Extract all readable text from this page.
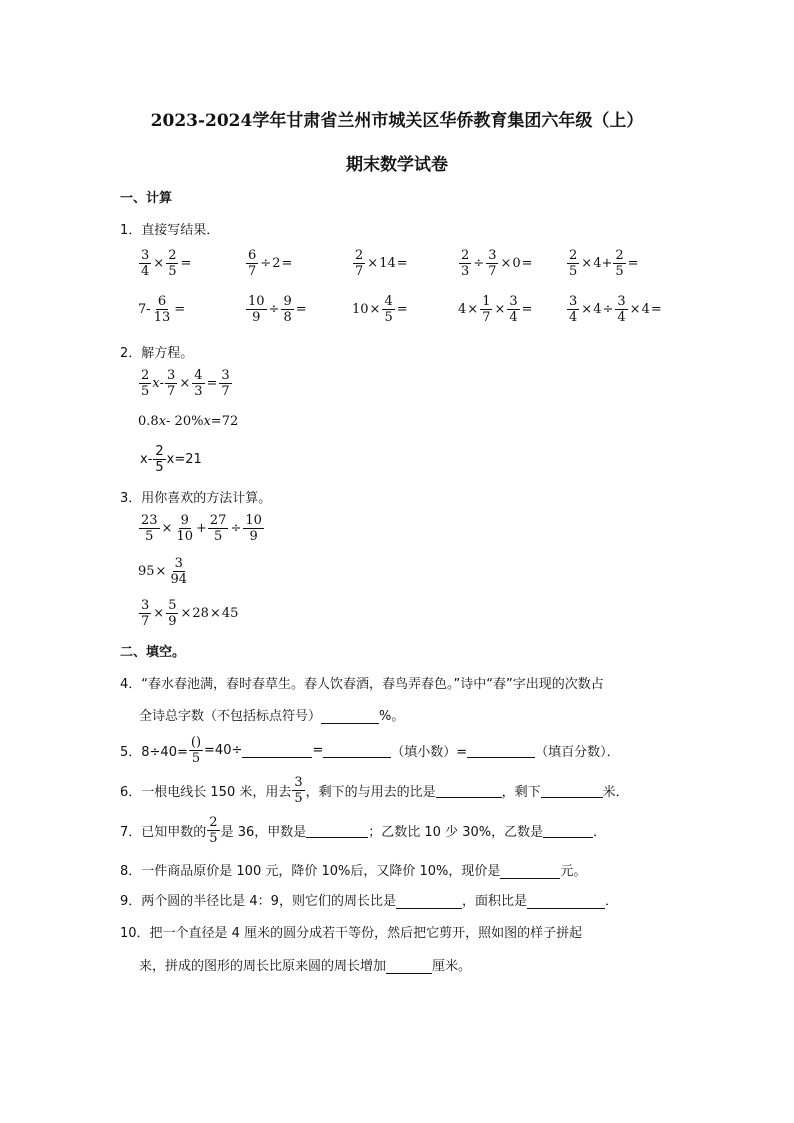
2023-2024学年甘肃省兰州市城关区华侨教育集团六年级（上）
期末数学试卷
一、计算
1．直接写结果．
$\frac{3}{4} \times \frac{2}{5}$ =	$\frac{6}{7} \div 2$ =	$\frac{2}{7} \times 14$ =	$\frac{2}{3} \div \frac{3}{7} \times 0$ =	$\frac{2}{5} \times 4 + \frac{2}{5}$ =
$7 - \frac{6}{13}$ =	$\frac{10}{9} \div \frac{9}{8}$ =	$10 \times \frac{4}{5}$ =	$4 \times \frac{1}{7} \times \frac{3}{4}$ =	$\frac{3}{4} \times 4 \div \frac{3}{4} \times 4$ =
2．解方程。
2
5
$x - \frac{3}{7} \times \frac{4}{3} = \frac{3}{7}$
0.8 x - 20% x =72
x-
2
5
x=21
3．用你喜欢的方法计算。
$\frac{23}{5} \times \frac{9}{10} + \frac{27}{5} \div \frac{10}{9}$
$95 \times \frac{3}{94}$
$\frac{3}{7} \times \frac{5}{9} \times 28 \times 45$
二、填空。
4．“春水春池满，春时春草生。春人饮春酒，春鸟弄春色。”诗中“春”字出现的次数占
全诗总字数（不包括标点符号）	%。
5．8÷40=
()
5
=40÷	=	（填小数）=	（填百分数）．
6．一根电线长 150 米，用去
3
5 ，剩下的与用去的比是	，剩下	米．
7．已知甲数的
2
5 是 36，甲数是	；乙数比 10 少 30%，乙数是	．
8．一件商品原价是 100 元，降价 10%后，又降价 10%，现价是	元。
9．两个圆的半径比是 4：9，则它们的周长比是	，面积比是	．
10．把一个直径是 4 厘米的圆分成若干等份，然后把它剪开，照如图的样子拼起
来，拼成的图形的周长比原来圆的周长增加	厘米。
